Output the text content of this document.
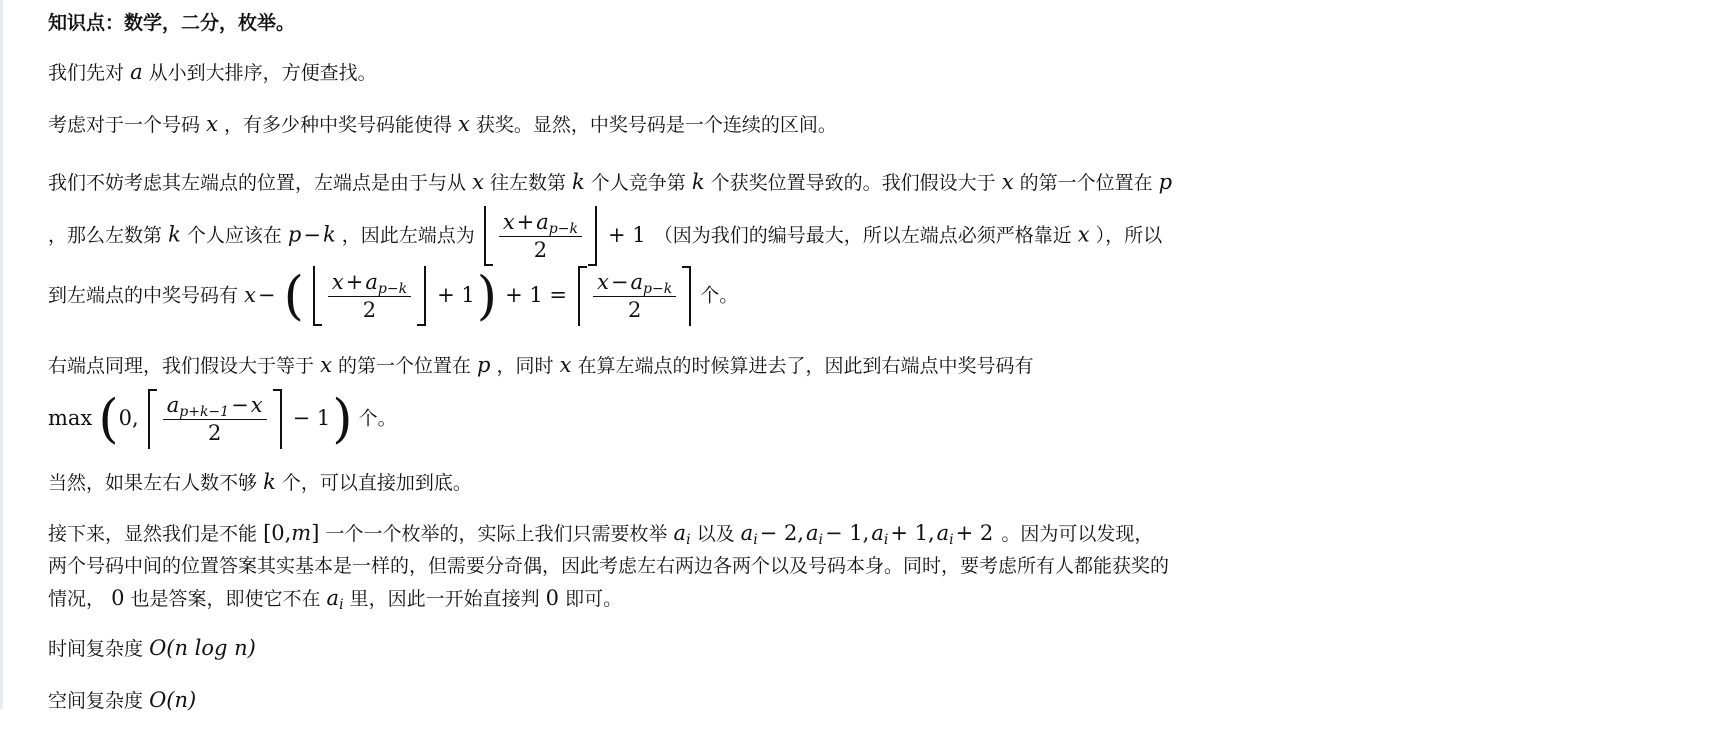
知识点：数学，二分，枚举。

我们先对 a 从小到大排序，方便查找。

考虑对于一个号码 x ，有多少种中奖号码能使得 x 获奖。显然，中奖号码是一个连续的区间。

我们不妨考虑其左端点的位置，左端点是由于与从 x 往左数第 k 个人竞争第 k 个获奖位置导致的。我们假设大于 x 的第一个位置在 p
，那么左数第 k 个人应该在 p−k ，因此左端点为 $\frac{x+a_{p-k}}{2} + 1$ （因为我们的编号最大，所以左端点必须严格靠近 x ），所以
到左端点的中奖号码有 x− ( $\frac{x+a_{p-k}}{2} + 1) + 1 = \frac{x-a_{p-k}}{2}$ 个。

右端点同理，我们假设大于等于 x 的第一个位置在 p ，同时 x 在算左端点的时候算进去了，因此到右端点中奖号码有
max (0, $\frac{a_{p+k-1}-x}{2} - 1$) 个。

当然，如果左右人数不够 k 个，可以直接加到底。

接下来，显然我们是不能 [0,m] 一个一个枚举的，实际上我们只需要枚举 $a_i$ 以及 $a_i- 2,a_i- 1,a_i+ 1,a_i+ 2$ 。因为可以发现，
两个号码中间的位置答案其实基本是一样的，但需要分奇偶，因此考虑左右两边各两个以及号码本身。同时，要考虑所有人都能获奖的
情况， 0 也是答案，即使它不在 $a_i$ 里，因此一开始直接判 0 即可。

时间复杂度 O(n log n)

空间复杂度 O(n)
